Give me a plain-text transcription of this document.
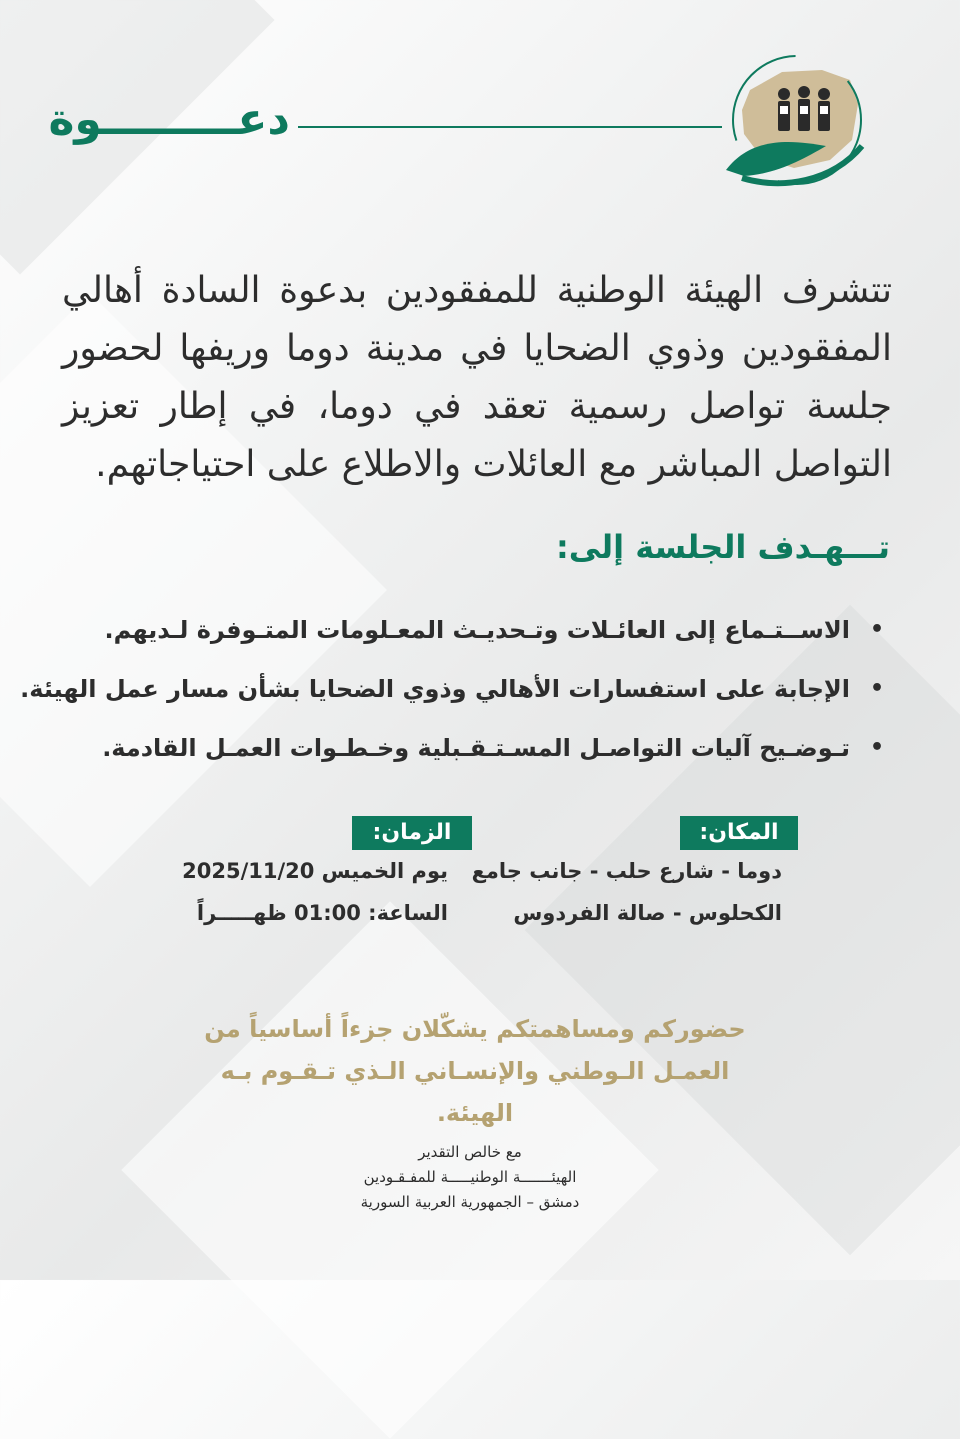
دعـــــــــوة
تتشرف الهيئة الوطنية للمفقودين بدعوة السادة أهالي المفقودين وذوي الضحايا في مدينة دوما وريفها لحضور جلسة تواصل رسمية تعقد في دوما، في إطار تعزيز التواصل المباشر مع العائلات والاطلاع على احتياجاتهم.
تـــهـدف الجلسة إلى:
•
الاســتـماع إلى العائـلات وتـحديـث المعـلومات المتـوفرة لـديهم.
•
الإجابة على استفسارات الأهالي وذوي الضحايا بشأن مسار عمل الهيئة.
•
تـوضـيح آليات التواصـل المسـتـقـبلية وخـطـوات العمـل القادمة.
المكان:
دوما - شارع حلب - جانب جامع
الكحلوس - صالة الفردوس
الزمان:
يوم الخميس 2025/11/20
الساعة: 01:00 ظهـــــراً
حضوركم ومساهمتكم يشكّلان جزءاً أساسياً من
العمـل الـوطني والإنسـاني الـذي تـقـوم بـه الهيئة.
مع خالص التقدير
الهيئـــــــة الوطنيـــــة للمفـقـودين
دمشق – الجمهورية العربية السورية
